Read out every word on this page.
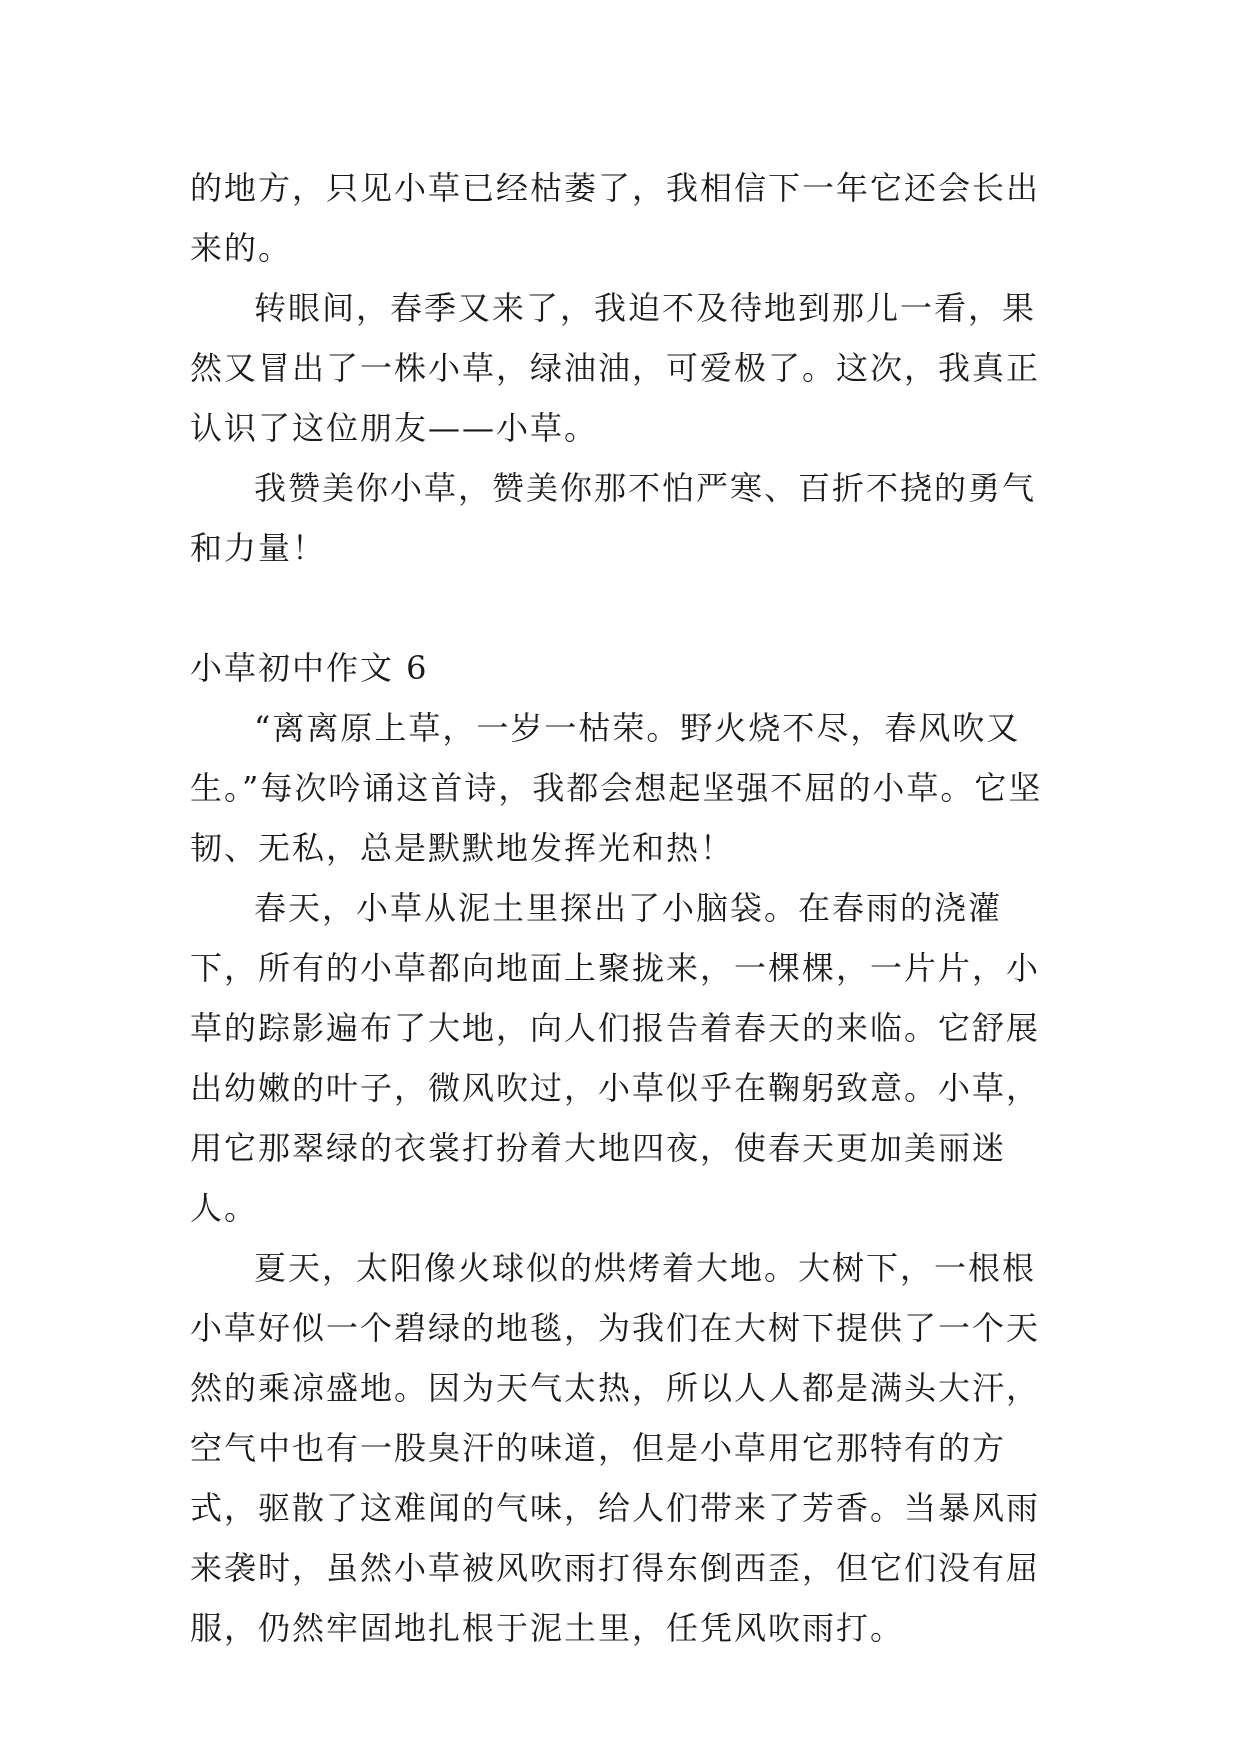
的地方，只见小草已经枯萎了，我相信下一年它还会长出来的。

转眼间，春季又来了，我迫不及待地到那儿一看，果然又冒出了一株小草，绿油油，可爱极了。这次，我真正认识了这位朋友——小草。

我赞美你小草，赞美你那不怕严寒、百折不挠的勇气和力量！

小草初中作文 6

“离离原上草，一岁一枯荣。野火烧不尽，春风吹又生。”每次吟诵这首诗，我都会想起坚强不屈的小草。它坚韧、无私，总是默默地发挥光和热！

春天，小草从泥土里探出了小脑袋。在春雨的浇灌下，所有的小草都向地面上聚拢来，一棵棵，一片片，小草的踪影遍布了大地，向人们报告着春天的来临。它舒展出幼嫩的叶子，微风吹过，小草似乎在鞠躬致意。小草，用它那翠绿的衣裳打扮着大地四夜，使春天更加美丽迷人。

夏天，太阳像火球似的烘烤着大地。大树下，一根根小草好似一个碧绿的地毯，为我们在大树下提供了一个天然的乘凉盛地。因为天气太热，所以人人都是满头大汗，空气中也有一股臭汗的味道，但是小草用它那特有的方式，驱散了这难闻的气味，给人们带来了芳香。当暴风雨来袭时，虽然小草被风吹雨打得东倒西歪，但它们没有屈服，仍然牢固地扎根于泥土里，任凭风吹雨打。
